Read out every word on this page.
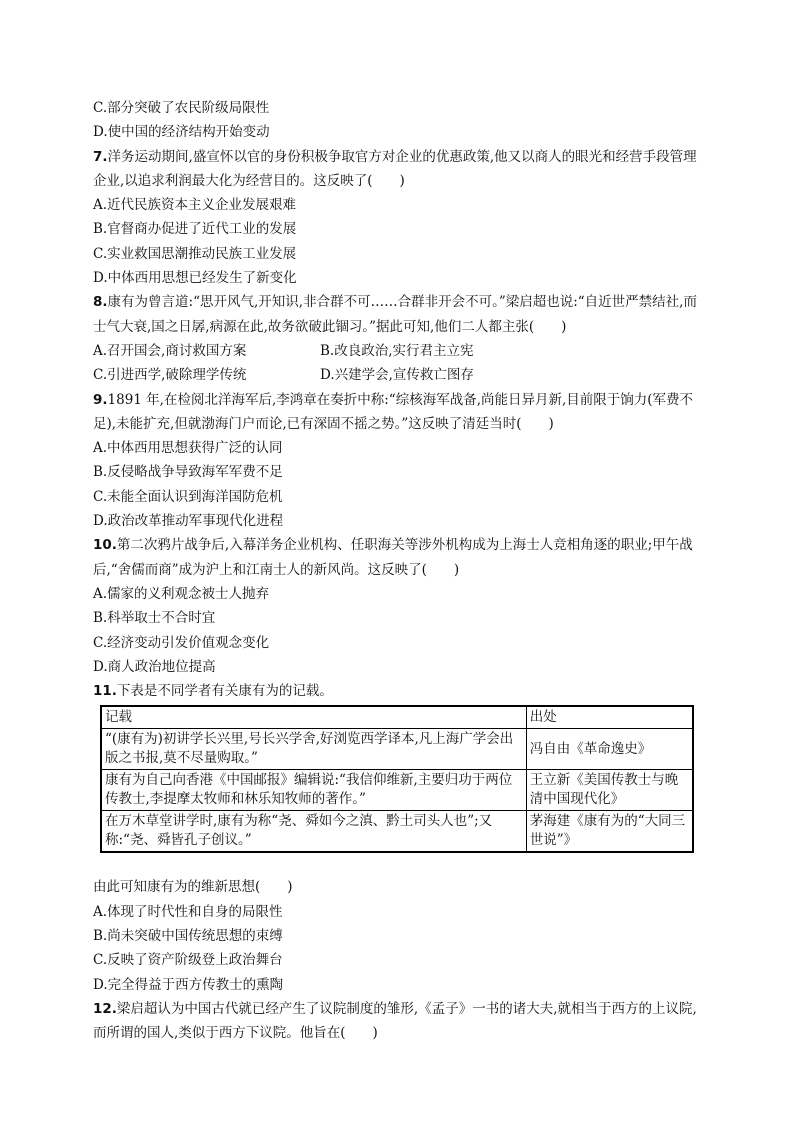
C.部分突破了农民阶级局限性
D.使中国的经济结构开始变动
7.洋务运动期间,盛宣怀以官的身份积极争取官方对企业的优惠政策,他又以商人的眼光和经营手段管理企业,以追求利润最大化为经营目的。这反映了(　　)
A.近代民族资本主义企业发展艰难
B.官督商办促进了近代工业的发展
C.实业救国思潮推动民族工业发展
D.中体西用思想已经发生了新变化
8.康有为曾言道:“思开风气,开知识,非合群不可……合群非开会不可。”梁启超也说:“自近世严禁结社,而士气大衰,国之日孱,病源在此,故务欲破此锢习。”据此可知,他们二人都主张(　　)
A.召开国会,商讨救国方案	B.改良政治,实行君主立宪
C.引进西学,破除理学传统	D.兴建学会,宣传救亡图存
9.1891 年,在检阅北洋海军后,李鸿章在奏折中称:“综核海军战备,尚能日异月新,目前限于饷力(军费不足),未能扩充,但就渤海门户而论,已有深固不摇之势。”这反映了清廷当时(　　)
A.中体西用思想获得广泛的认同
B.反侵略战争导致海军军费不足
C.未能全面认识到海洋国防危机
D.政治改革推动军事现代化进程
10.第二次鸦片战争后,入幕洋务企业机构、任职海关等涉外机构成为上海士人竞相角逐的职业;甲午战后,“舍儒而商”成为沪上和江南士人的新风尚。这反映了(　　)
A.儒家的义利观念被士人抛弃
B.科举取士不合时宜
C.经济变动引发价值观念变化
D.商人政治地位提高
11.下表是不同学者有关康有为的记载。
记载	出处
“(康有为)初讲学长兴里,号长兴学舍,好浏览西学译本,凡上海广学会出版之书报,莫不尽量购取。”	冯自由《革命逸史》
康有为自己向香港《中国邮报》编辑说:“我信仰维新,主要归功于两位传教士,李提摩太牧师和林乐知牧师的著作。”	王立新《美国传教士与晚清中国现代化》
在万木草堂讲学时,康有为称“尧、舜如今之滇、黔土司头人也”;又称:“尧、舜皆孔子创议。”	茅海建《康有为的“大同三世说”》
由此可知康有为的维新思想(　　)
A.体现了时代性和自身的局限性
B.尚未突破中国传统思想的束缚
C.反映了资产阶级登上政治舞台
D.完全得益于西方传教士的熏陶
12.梁启超认为中国古代就已经产生了议院制度的雏形,《孟子》一书的诸大夫,就相当于西方的上议院,而所谓的国人,类似于西方下议院。他旨在(　　)
